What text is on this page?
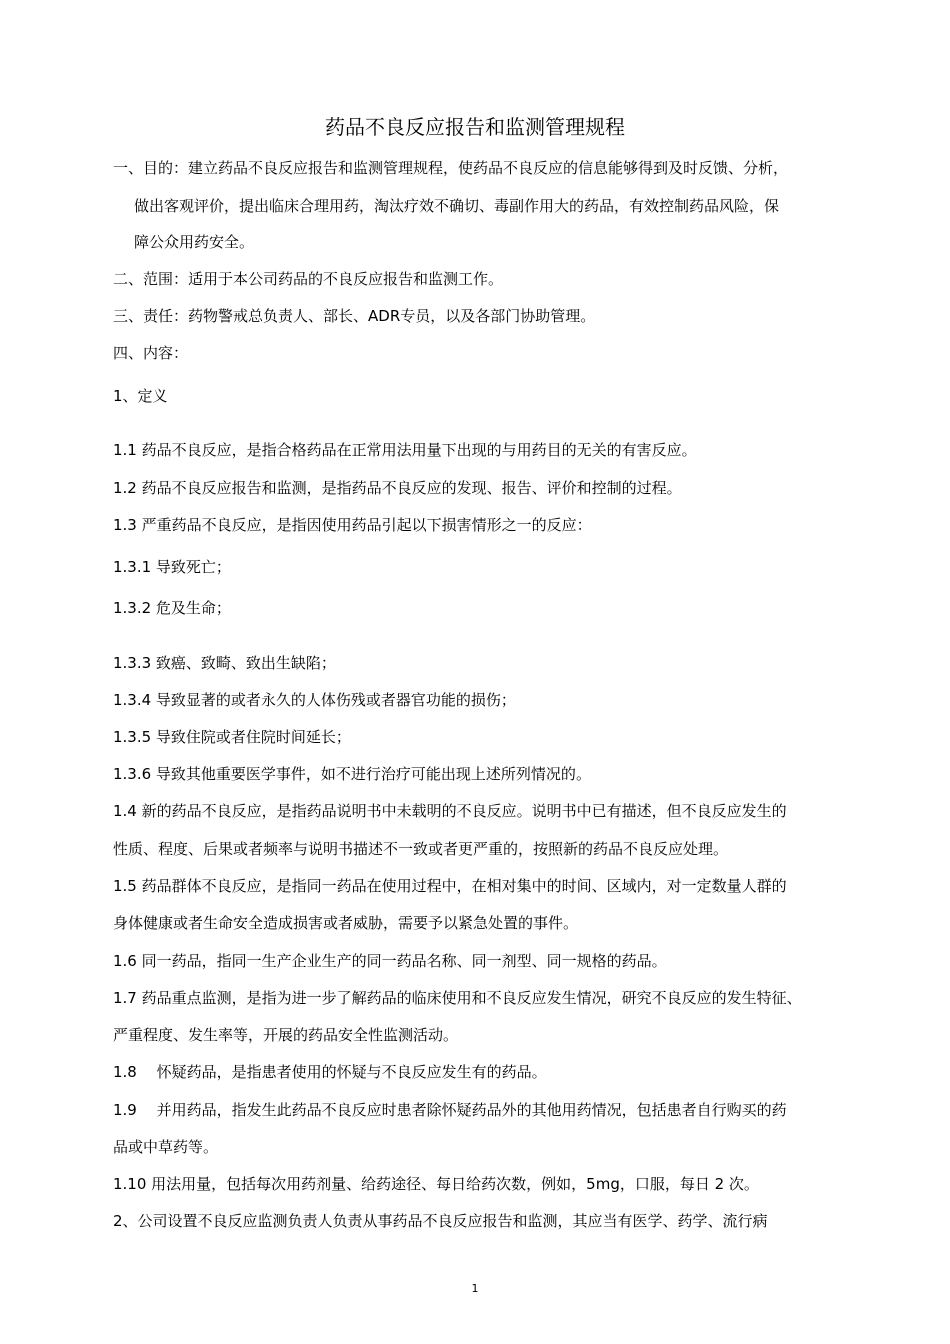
药品不良反应报告和监测管理规程
一、目的：建立药品不良反应报告和监测管理规程，使药品不良反应的信息能够得到及时反馈、分析，
做出客观评价，提出临床合理用药，淘汰疗效不确切、毒副作用大的药品，有效控制药品风险，保
障公众用药安全。
二、范围：适用于本公司药品的不良反应报告和监测工作。
三、责任：药物警戒总负责人、部长、ADR专员，以及各部门协助管理。
四、内容：
1、定义
1.1 药品不良反应，是指合格药品在正常用法用量下出现的与用药目的无关的有害反应。
1.2 药品不良反应报告和监测，是指药品不良反应的发现、报告、评价和控制的过程。
1.3 严重药品不良反应，是指因使用药品引起以下损害情形之一的反应：
1.3.1 导致死亡；
1.3.2 危及生命；
1.3.3 致癌、致畸、致出生缺陷；
1.3.4 导致显著的或者永久的人体伤残或者器官功能的损伤；
1.3.5 导致住院或者住院时间延长；
1.3.6 导致其他重要医学事件，如不进行治疗可能出现上述所列情况的。
1.4 新的药品不良反应，是指药品说明书中未载明的不良反应。说明书中已有描述，但不良反应发生的
性质、程度、后果或者频率与说明书描述不一致或者更严重的，按照新的药品不良反应处理。
1.5 药品群体不良反应，是指同一药品在使用过程中，在相对集中的时间、区域内，对一定数量人群的
身体健康或者生命安全造成损害或者威胁，需要予以紧急处置的事件。
1.6 同一药品，指同一生产企业生产的同一药品名称、同一剂型、同一规格的药品。
1.7 药品重点监测，是指为进一步了解药品的临床使用和不良反应发生情况，研究不良反应的发生特征、
严重程度、发生率等，开展的药品安全性监测活动。
1.8　 怀疑药品，是指患者使用的怀疑与不良反应发生有的药品。
1.9　 并用药品，指发生此药品不良反应时患者除怀疑药品外的其他用药情况，包括患者自行购买的药
品或中草药等。
1.10 用法用量，包括每次用药剂量、给药途径、每日给药次数，例如，5mg，口服，每日 2 次。
2、公司设置不良反应监测负责人负责从事药品不良反应报告和监测，其应当有医学、药学、流行病
1
